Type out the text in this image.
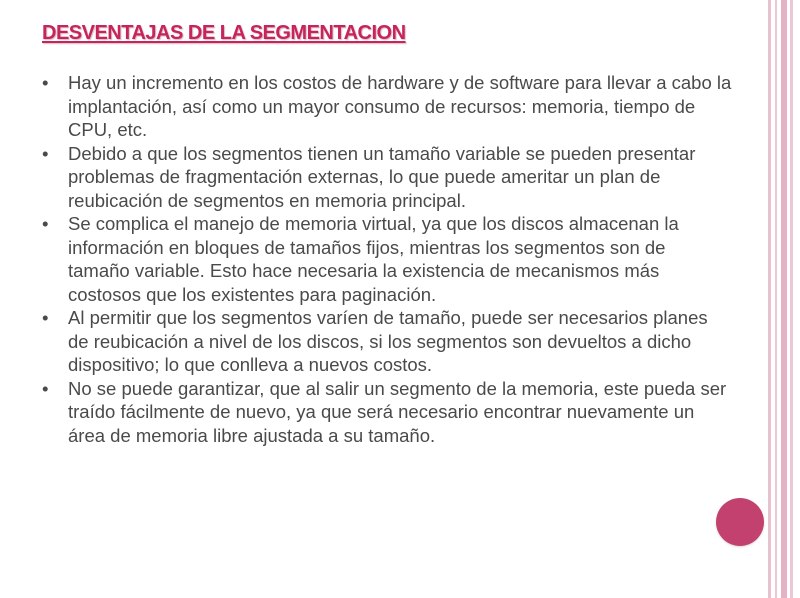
DESVENTAJAS DE LA SEGMENTACION
• Hay un incremento en los costos de hardware y de software para llevar a cabo la implantación, así como un mayor consumo de recursos: memoria, tiempo de CPU, etc.
• Debido a que los segmentos tienen un tamaño variable se pueden presentar problemas de fragmentación externas, lo que puede ameritar un plan de reubicación de segmentos en memoria principal.
• Se complica el manejo de memoria virtual, ya que los discos almacenan la información en bloques de tamaños fijos, mientras los segmentos son de tamaño variable. Esto hace necesaria la existencia de mecanismos más costosos que los existentes para paginación.
• Al permitir que los segmentos varíen de tamaño, puede ser necesarios planes de reubicación a nivel de los discos, si los segmentos son devueltos a dicho dispositivo; lo que conlleva a nuevos costos.
• No se puede garantizar, que al salir un segmento de la memoria, este pueda ser traído fácilmente de nuevo, ya que será necesario encontrar nuevamente un área de memoria libre ajustada a su tamaño.
